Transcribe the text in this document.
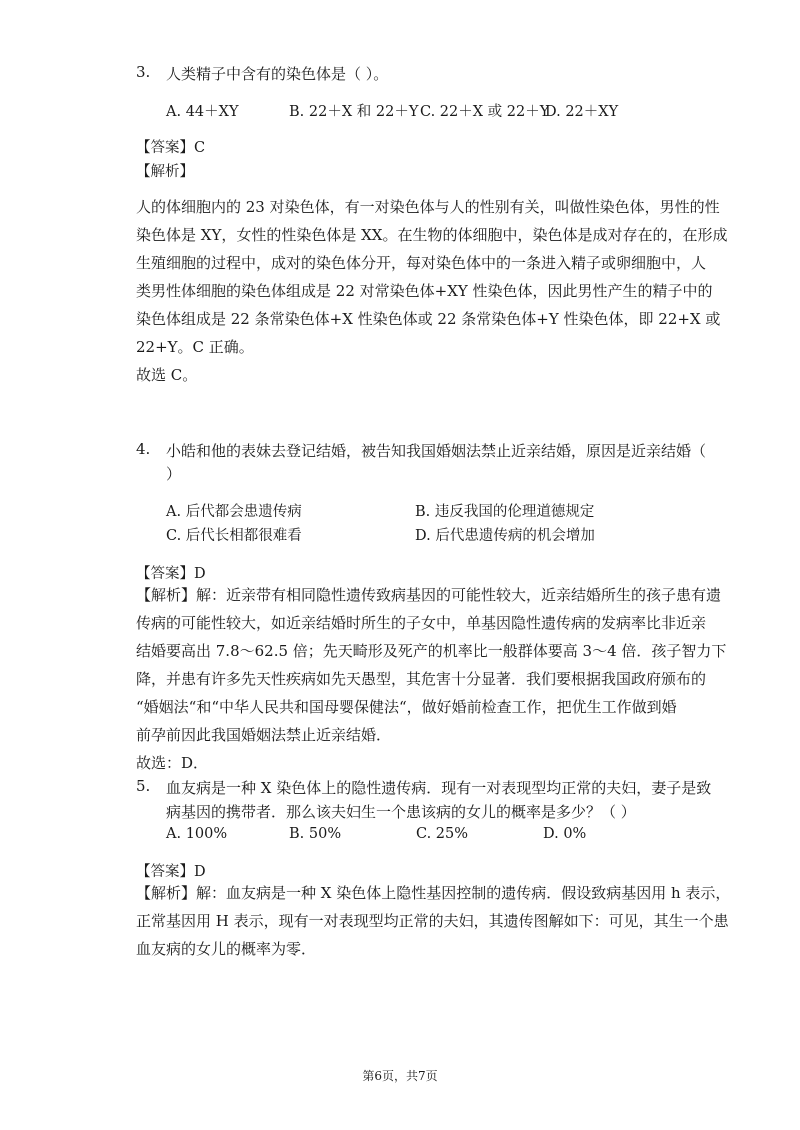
3. 人类精子中含有的染色体是（ ）。
A. 44＋XY	B. 22＋X 和 22＋Y C. 22＋X 或 22＋Y
D. 22＋XY
【答案】C
【解析】
人的体细胞内的 23 对染色体，有一对染色体与人的性别有关，叫做性染色体，男性的性
染色体是 XY，女性的性染色体是 XX。在生物的体细胞中，染色体是成对存在的，在形成
生殖细胞的过程中，成对的染色体分开，每对染色体中的一条进入精子或卵细胞中，人
类男性体细胞的染色体组成是 22 对常染色体+XY 性染色体，因此男性产生的精子中的
染色体组成是 22 条常染色体+X 性染色体或 22 条常染色体+Y 性染色体，即 22+X 或
22+Y。C 正确。
故选 C。
4. 小皓和他的表妹去登记结婚，被告知我国婚姻法禁止近亲结婚，原因是近亲结婚（
）
A. 后代都会患遗传病	B. 违反我国的伦理道德规定
C. 后代长相都很难看	D. 后代患遗传病的机会增加
【答案】D
【解析】解：近亲带有相同隐性遗传致病基因的可能性较大，近亲结婚所生的孩子患有遗
传病的可能性较大，如近亲结婚时所生的子女中，单基因隐性遗传病的发病率比非近亲
结婚要高出 7.8～62.5 倍；先天畸形及死产的机率比一般群体要高 3～4 倍．孩子智力下
降，并患有许多先天性疾病如先天愚型，其危害十分显著．我们要根据我国政府颁布的
“婚姻法“和“中华人民共和国母婴保健法“，做好婚前检查工作，把优生工作做到婚
前孕前因此我国婚姻法禁止近亲结婚．
故选：D．
5. 血友病是一种 X 染色体上的隐性遗传病．现有一对表现型均正常的夫妇，妻子是致
病基因的携带者．那么该夫妇生一个患该病的女儿的概率是多少？（ ）
A. 100%	B. 50%	C. 25%	D. 0%
【答案】D
【解析】解：血友病是一种 X 染色体上隐性基因控制的遗传病．假设致病基因用 h 表示，
正常基因用 H 表示，现有一对表现型均正常的夫妇，其遗传图解如下：可见，其生一个患
血友病的女儿的概率为零．
第6页，共7页
